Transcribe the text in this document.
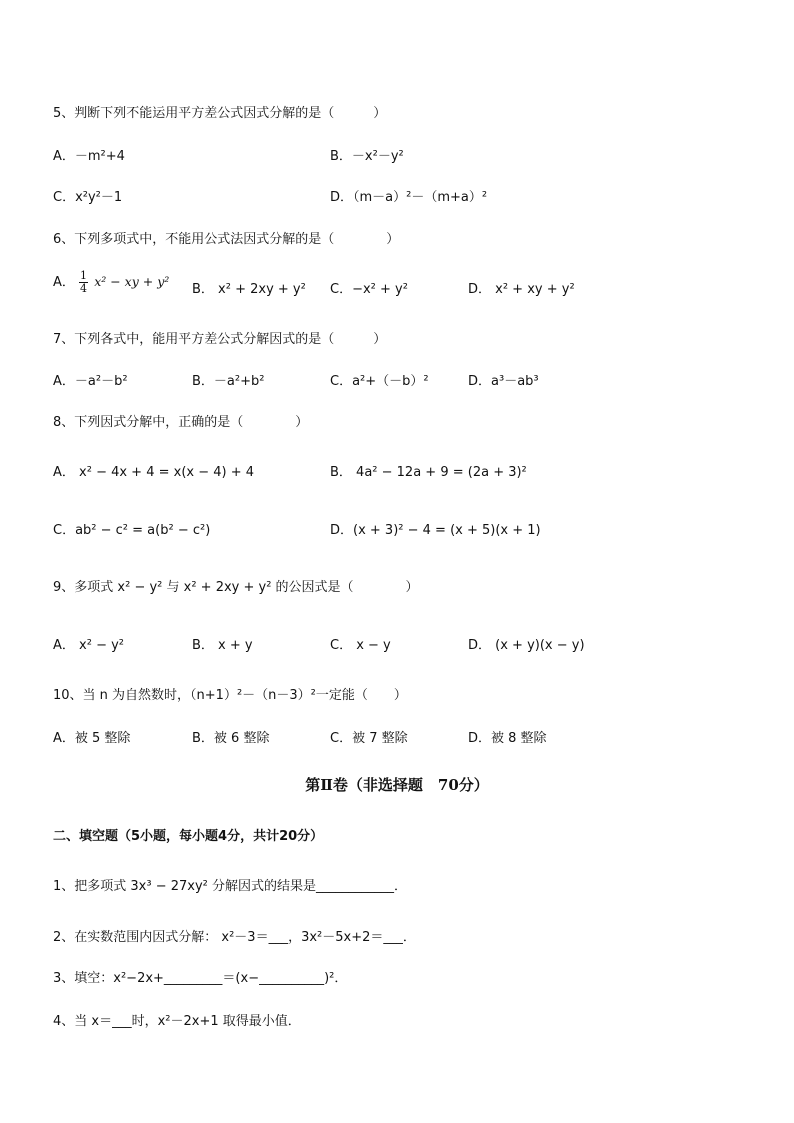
5、判断下列不能运用平方差公式因式分解的是（　　　）
A．－m²+4	B．－x²－y²
C．x²y²－1	D．（m－a）²－（m+a）²
6、下列多项式中，不能用公式法因式分解的是（　　　　）
A． $\frac{1}{4} x^2$ − xy + y²
B． x² + 2xy + y² C．−x² + y²	D． x² + xy + y²
7、下列各式中，能用平方差公式分解因式的是（　　　）
A．－a²－b²	B．－a²+b²	C．a²+（－b）²	D．a³－ab³
8、下列因式分解中，正确的是（　　　　）
A． x² − 4x + 4 = x(x − 4) + 4	B． 4a² − 12a + 9 = (2a + 3)²
C．ab² − c² = a(b² − c²)	D．(x + 3)² − 4 = (x + 5)(x + 1)
9、多项式 x² − y² 与 x² + 2xy + y² 的公因式是（　　　　）
A． x² − y²	B． x + y	C． x − y	D． (x + y)(x − y)
10、当 n 为自然数时，（n+1）²－（n－3）²一定能（　　）
A．被 5 整除	B．被 6 整除	C．被 7 整除	D．被 8 整除
第Ⅱ卷（非选择题　70分）
二、填空题（5小题，每小题4分，共计20分）
1、把多项式 3x³ − 27xy² 分解因式的结果是____________．
2、在实数范围内因式分解： x²－3＝___，3x²－5x+2＝___．
3、填空：x²−2x+_________＝(x−__________)²．
4、当 x＝___时，x²－2x+1 取得最小值．
